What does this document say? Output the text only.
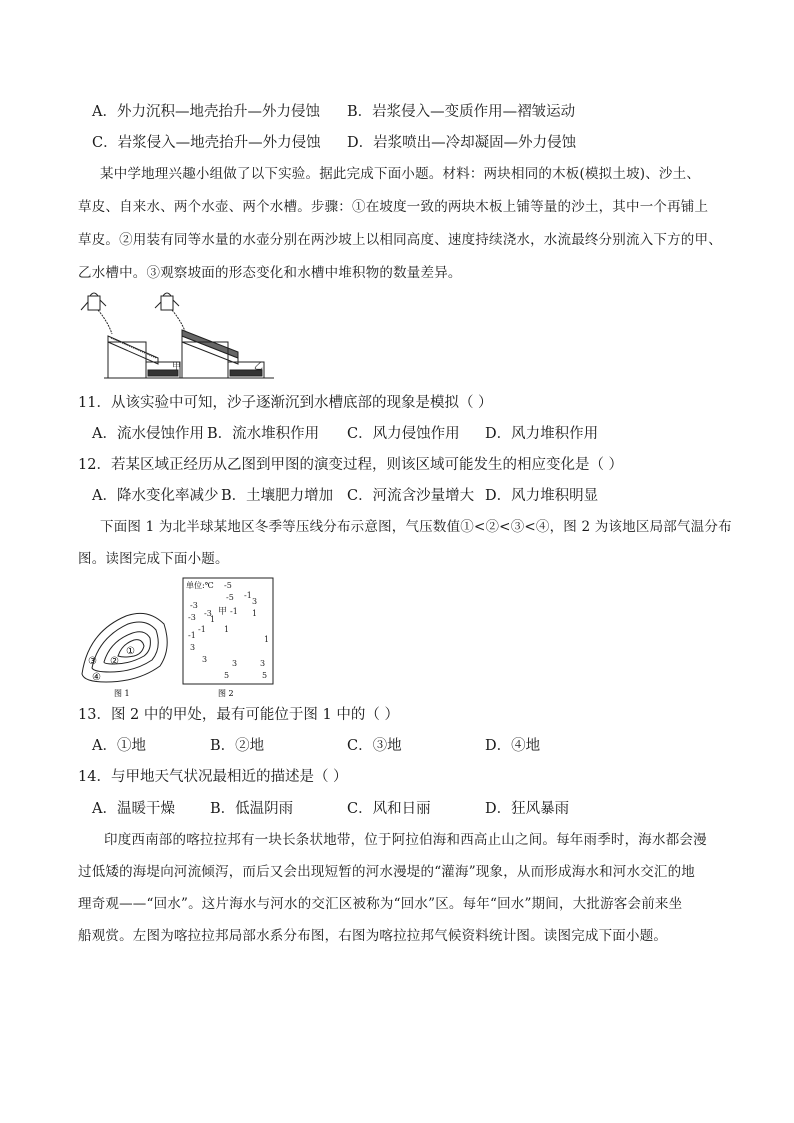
A．外力沉积—地壳抬升—外力侵蚀 B．岩浆侵入—变质作用—褶皱运动
C．岩浆侵入—地壳抬升—外力侵蚀 D．岩浆喷出—冷却凝固—外力侵蚀
某中学地理兴趣小组做了以下实验。据此完成下面小题。材料：两块相同的木板(模拟土坡)、沙土、
草皮、自来水、两个水壶、两个水槽。步骤：①在坡度一致的两块木板上铺等量的沙土，其中一个再铺上
草皮。②用装有同等水量的水壶分别在两沙坡上以相同高度、速度持续浇水，水流最终分别流入下方的甲、
乙水槽中。③观察坡面的形态变化和水槽中堆积物的数量差异。
甲	乙
11．从该实验中可知，沙子逐渐沉到水槽底部的现象是模拟（ ）
A．流水侵蚀作用 B．流水堆积作用 C．风力侵蚀作用 D．风力堆积作用
12．若某区域正经历从乙图到甲图的演变过程，则该区域可能发生的相应变化是（ ）
A．降水变化率减少 B．土壤肥力增加 C．河流含沙量增大 D．风力堆积明显
下面图 1 为北半球某地区冬季等压线分布示意图，气压数值①<②<③<④，图 2 为该地区局部气温分布
图。读图完成下面小题。
①
②
③
④
图 1
单位:℃ -5
-1
-5
-3
-3 -1
3
1
-3 1
-1 1
-1	1
3
3	3
5	5
3
甲
图 2
13．图 2 中的甲处，最有可能位于图 1 中的（ ）
A．①地	B．②地	C．③地	D．④地
14．与甲地天气状况最相近的描述是（ ）
A．温暖干燥 B．低温阴雨	C．风和日丽	D．狂风暴雨
印度西南部的喀拉拉邦有一块长条状地带，位于阿拉伯海和西高止山之间。每年雨季时，海水都会漫
过低矮的海堤向河流倾泻，而后又会出现短暂的河水漫堤的“灌海”现象，从而形成海水和河水交汇的地
理奇观——“回水”。这片海水与河水的交汇区被称为“回水”区。每年“回水”期间，大批游客会前来坐
船观赏。左图为喀拉拉邦局部水系分布图，右图为喀拉拉邦气候资料统计图。读图完成下面小题。
